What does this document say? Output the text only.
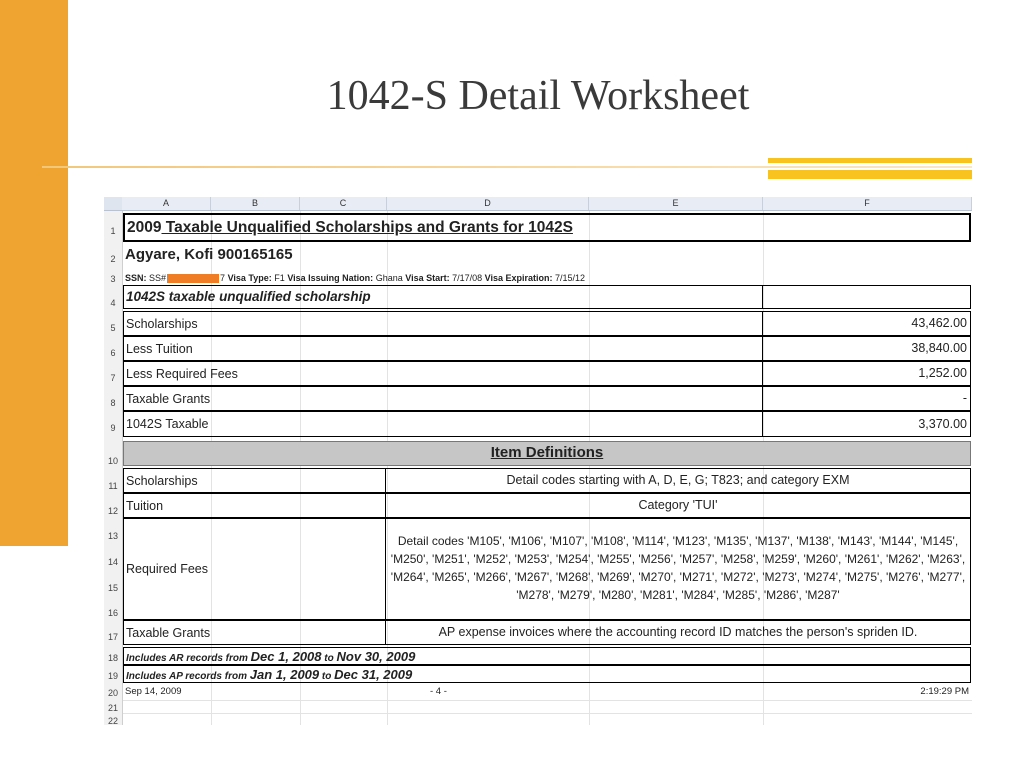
1042-S Detail Worksheet
A	B	C	D	E	F
1
2
3
4
5
6
7
8
9
10
11
12
13
14
15
16
17
18
19
20
21
22
2009 Taxable Unqualified Scholarships and Grants for 1042S
Agyare, Kofi 900165165
SSN: SS#	7 Visa Type: F1 Visa Issuing Nation: Ghana Visa Start: 7/17/08 Visa Expiration: 7/15/12
1042S taxable unqualified scholarship
Scholarships	43,462.00
Less Tuition	38,840.00
Less Required Fees	1,252.00
Taxable Grants	-
1042S Taxable	3,370.00
Item Definitions
Scholarships	Detail codes starting with A, D, E, G; T823; and category EXM
Tuition	Category 'TUI'
Required Fees
Detail codes 'M105', 'M106', 'M107', 'M108', 'M114', 'M123', 'M135', 'M137', 'M138', 'M143', 'M144', 'M145',
'M250', 'M251', 'M252', 'M253', 'M254', 'M255', 'M256', 'M257', 'M258', 'M259', 'M260', 'M261', 'M262', 'M263',
'M264', 'M265', 'M266', 'M267', 'M268', 'M269', 'M270', 'M271', 'M272', 'M273', 'M274', 'M275', 'M276', 'M277',
'M278', 'M279', 'M280', 'M281', 'M284', 'M285', 'M286', 'M287'
Taxable Grants	AP expense invoices where the accounting record ID matches the person's spriden ID.
Includes AR records from Dec 1, 2008 to Nov 30, 2009
Includes AP records from Jan 1, 2009 to Dec 31, 2009
Sep 14, 2009	- 4 -	2:19:29 PM
